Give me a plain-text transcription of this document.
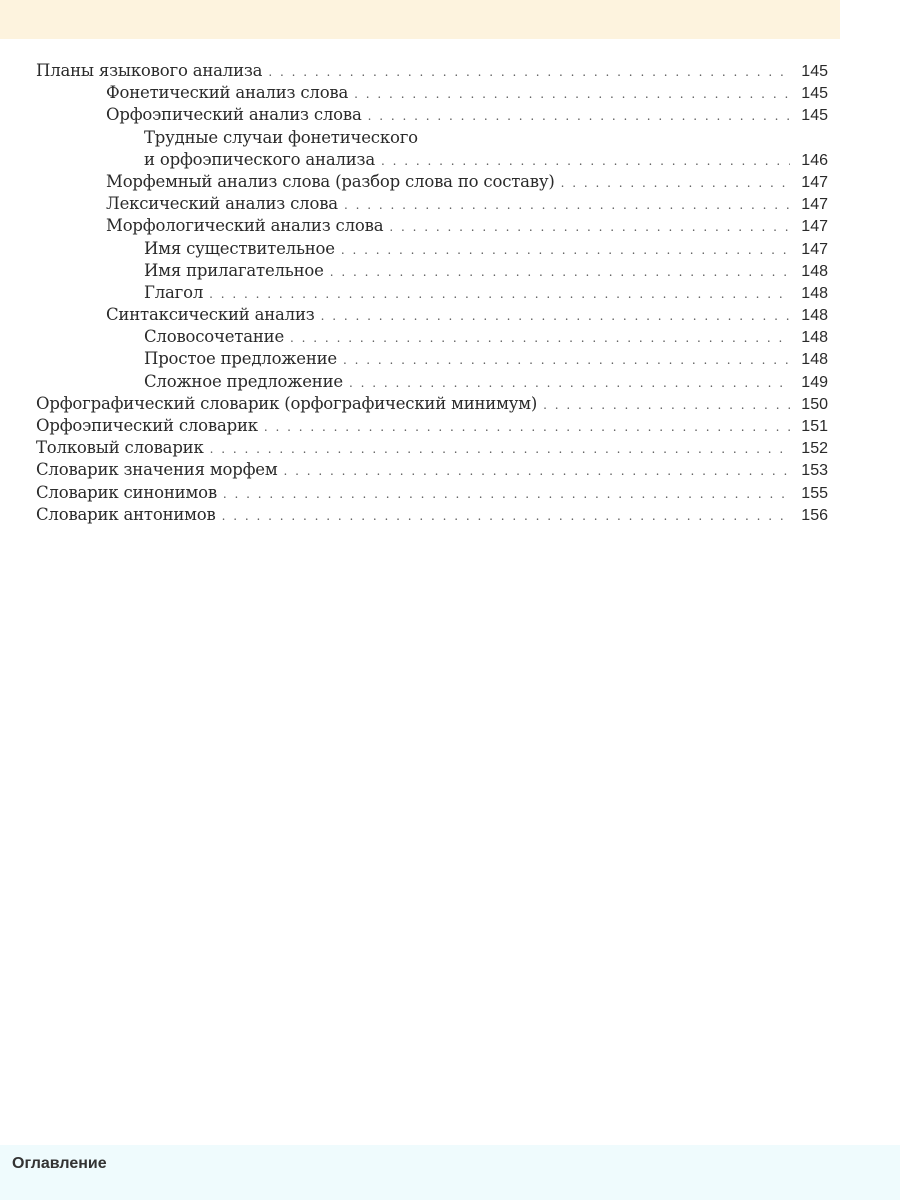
Планы языкового анализа . . .	145
Фонетический анализ слова . . .	145
Орфоэпический анализ слова . . .	145
Трудные случаи фонетического
и орфоэпического анализа . . .	146
Морфемный анализ слова (разбор слова по составу) . . .	147
Лексический анализ слова . . .	147
Морфологический анализ слова . . .	147
Имя существительное . . .	147
Имя прилагательное . . .	148
Глагол . . .	148
Синтаксический анализ . . .	148
Словосочетание . . .	148
Простое предложение . . .	148
Сложное предложение . . .	149
Орфографический словарик (орфографический минимум) . . .	150
Орфоэпический словарик . . .	151
Толковый словарик . . .	152
Словарик значения морфем . . .	153
Словарик синонимов . . .	155
Словарик антонимов . . .	156
Оглавление
